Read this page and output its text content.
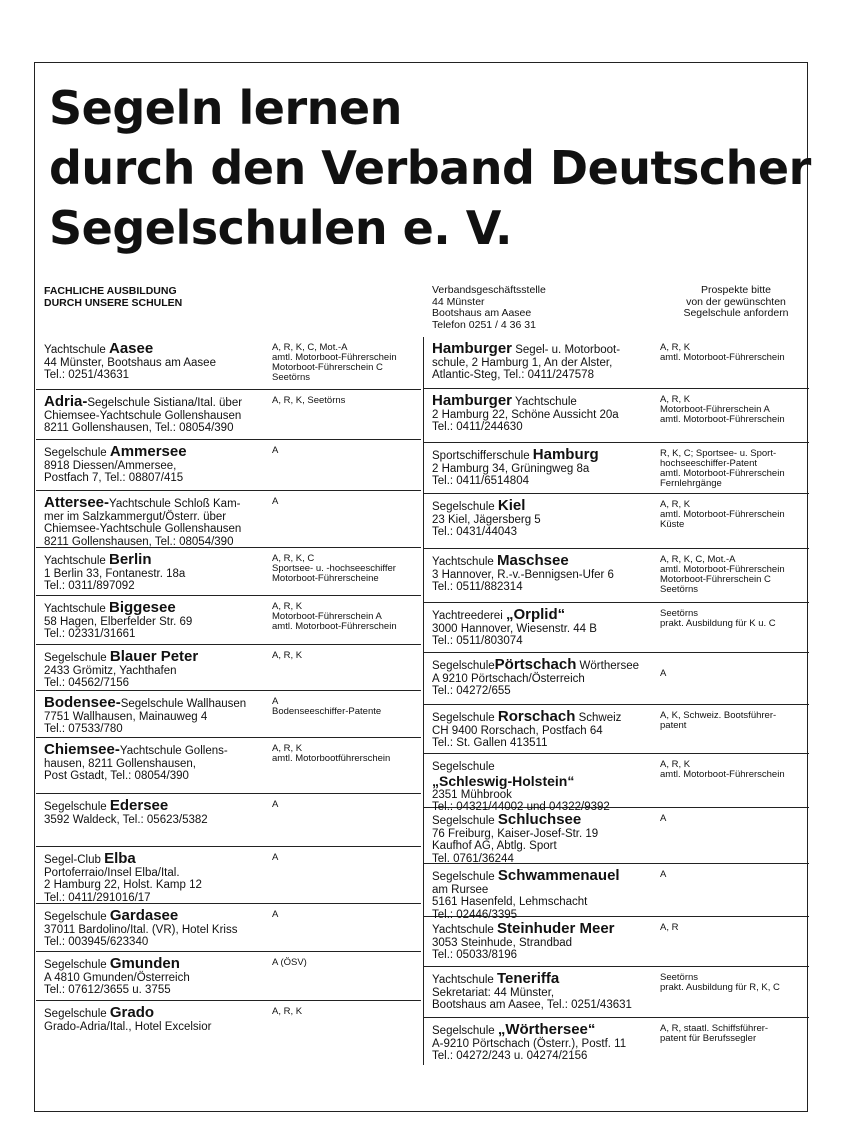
Segeln lernen
durch den Verband Deutscher
Segelschulen e. V.
FACHLICHE AUSBILDUNG
DURCH UNSERE SCHULEN
Verbandsgeschäftsstelle
44 Münster
Bootshaus am Aasee
Telefon 0251 / 4 36 31
Prospekte bitte
von der gewünschten
Segelschule anfordern
Yachtschule Aasee
44 Münster, Bootshaus am Aasee
Tel.: 0251/43631
A, R, K, C, Mot.-A
amtl. Motorboot-Führerschein
Motorboot-Führerschein C
Seetörns
Adria-Segelschule Sistiana/Ital. über
Chiemsee-Yachtschule Gollenshausen
8211 Gollenshausen, Tel.: 08054/390
A, R, K, Seetörns
Segelschule Ammersee
8918 Diessen/Ammersee,
Postfach 7, Tel.: 08807/415
A
Attersee-Yachtschule Schloß Kam-
mer im Salzkammergut/Österr. über
Chiemsee-Yachtschule Gollenshausen
8211 Gollenshausen, Tel.: 08054/390
A
Yachtschule Berlin
1 Berlin 33, Fontanestr. 18a
Tel.: 0311/897092
A, R, K, C
Sportsee- u. -hochseeschiffer
Motorboot-Führerscheine
Yachtschule Biggesee
58 Hagen, Elberfelder Str. 69
Tel.: 02331/31661
A, R, K
Motorboot-Führerschein A
amtl. Motorboot-Führerschein
Segelschule Blauer Peter
2433 Grömitz, Yachthafen
Tel.: 04562/7156
A, R, K
Bodensee-Segelschule Wallhausen
7751 Wallhausen, Mainauweg 4
Tel.: 07533/780
A
Bodenseeschiffer-Patente
Chiemsee-Yachtschule Gollens-
hausen, 8211 Gollenshausen,
Post Gstadt, Tel.: 08054/390
A, R, K
amtl. Motorbootführerschein
Segelschule Edersee
3592 Waldeck, Tel.: 05623/5382
A
Segel-Club Elba
Portoferraio/Insel Elba/Ital.
2 Hamburg 22, Holst. Kamp 12
Tel.: 0411/291016/17
A
Segelschule Gardasee
37011 Bardolino/Ital. (VR), Hotel Kriss
Tel.: 003945/623340
A
Segelschule Gmunden
A 4810 Gmunden/Österreich
Tel.: 07612/3655 u. 3755
A (ÖSV)
Segelschule Grado
Grado-Adria/Ital., Hotel Excelsior
A, R, K
Hamburger Segel- u. Motorboot-
schule, 2 Hamburg 1, An der Alster,
Atlantic-Steg, Tel.: 0411/247578
A, R, K
amtl. Motorboot-Führerschein
Hamburger Yachtschule
2 Hamburg 22, Schöne Aussicht 20a
Tel.: 0411/244630
A, R, K
Motorboot-Führerschein A
amtl. Motorboot-Führerschein
Sportschifferschule Hamburg
2 Hamburg 34, Grüningweg 8a
Tel.: 0411/6514804
R, K, C; Sportsee- u. Sport-
hochseeschiffer-Patent
amtl. Motorboot-Führerschein
Fernlehrgänge
Segelschule Kiel
23 Kiel, Jägersberg 5
Tel.: 0431/44043
A, R, K
amtl. Motorboot-Führerschein
Küste
Yachtschule Maschsee
3 Hannover, R.-v.-Bennigsen-Ufer 6
Tel.: 0511/882314
A, R, K, C, Mot.-A
amtl. Motorboot-Führerschein
Motorboot-Führerschein C
Seetörns
Yachtreederei „Orplid“
3000 Hannover, Wiesenstr. 44 B
Tel.: 0511/803074
Seetörns
prakt. Ausbildung für K u. C
SegelschulePörtschach Wörthersee
A 9210 Pörtschach/Österreich
Tel.: 04272/655
A
Segelschule Rorschach Schweiz
CH 9400 Rorschach, Postfach 64
Tel.: St. Gallen 413511
A, K, Schweiz. Bootsführer-
patent
Segelschule
„Schleswig-Holstein“
2351 Mühbrook
Tel.: 04321/44002 und 04322/9392
A, R, K
amtl. Motorboot-Führerschein
Segelschule Schluchsee
76 Freiburg, Kaiser-Josef-Str. 19
Kaufhof AG, Abtlg. Sport
Tel. 0761/36244
A
Segelschule Schwammenauel
am Rursee
5161 Hasenfeld, Lehmschacht
Tel.: 02446/3395
A
Yachtschule Steinhuder Meer
3053 Steinhude, Strandbad
Tel.: 05033/8196
A, R
Yachtschule Teneriffa
Sekretariat: 44 Münster,
Bootshaus am Aasee, Tel.: 0251/43631
Seetörns
prakt. Ausbildung für R, K, C
Segelschule „Wörthersee“
A-9210 Pörtschach (Österr.), Postf. 11
Tel.: 04272/243 u. 04274/2156
A, R, staatl. Schiffsführer-
patent für Berufssegler
